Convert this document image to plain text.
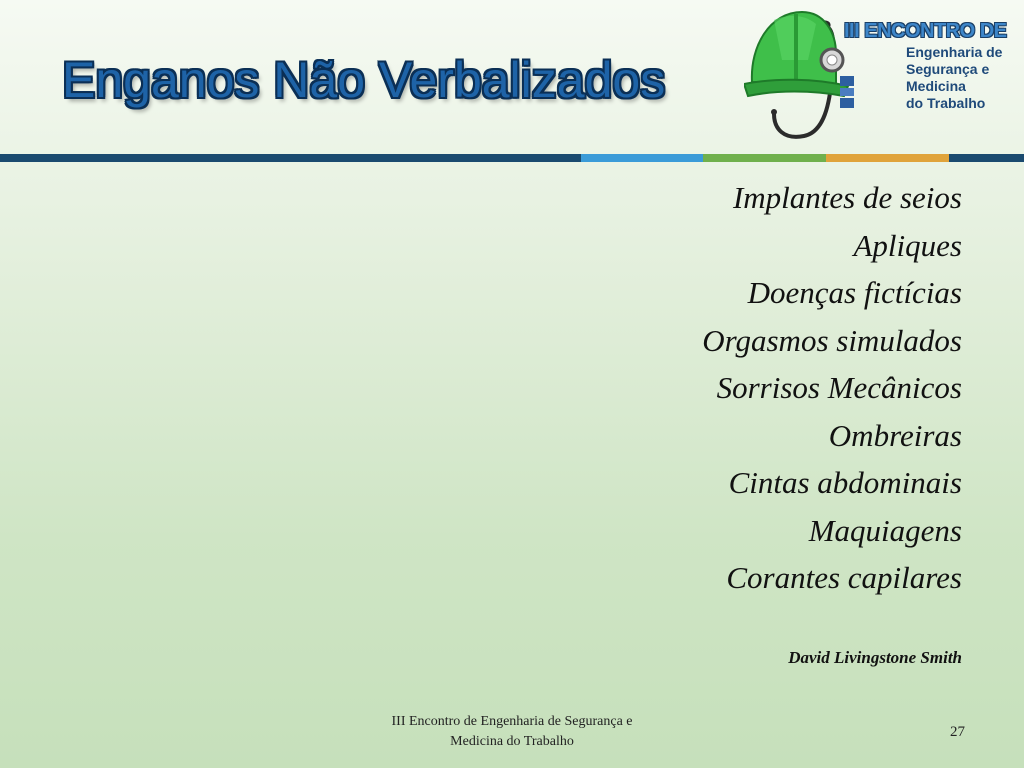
Enganos Não Verbalizados
III ENCONTRO DE
Engenharia de
Segurança e
Medicina
do Trabalho
Implantes de seios
Apliques
Doenças fictícias
Orgasmos simulados
Sorrisos Mecânicos
Ombreiras
Cintas abdominais
Maquiagens
Corantes capilares
David Livingstone Smith
III Encontro de Engenharia de Segurança e
Medicina do Trabalho
27
